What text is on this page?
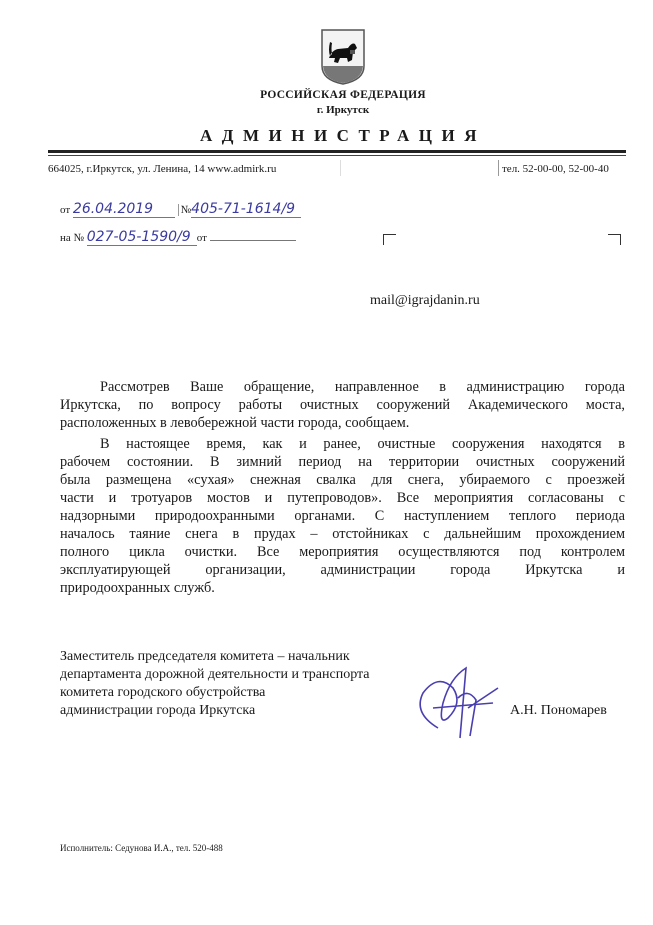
РОССИЙСКАЯ ФЕДЕРАЦИЯ
г. Иркутск
АДМИНИСТРАЦИЯ
664025, г.Иркутск, ул. Ленина, 14 www.admirk.ru	тел. 52-00-00, 52-00-40
от 26.04.2019	№405-71-1614/9
на № 027-05-1590/9 от
mail@igrajdanin.ru
Рассмотрев Ваше обращение, направленное в администрацию города
Иркутска, по вопросу работы очистных сооружений Академического моста,
расположенных в левобережной части города, сообщаем.
В настоящее время, как и ранее, очистные сооружения находятся в
рабочем состоянии. В зимний период на территории очистных сооружений
была размещена «сухая» снежная свалка для снега, убираемого с проезжей
части и тротуаров мостов и путепроводов». Все мероприятия согласованы с
надзорными природоохранными органами. С наступлением теплого периода
началось таяние снега в прудах – отстойниках с дальнейшим прохождением
полного цикла очистки. Все мероприятия осуществляются под контролем
эксплуатирующей организации, администрации города Иркутска и
природоохранных служб.
Заместитель председателя комитета – начальник
департамента дорожной деятельности и транспорта
комитета городского обустройства
администрации города Иркутска	А.Н. Пономарев
Исполнитель: Седунова И.А., тел. 520-488
